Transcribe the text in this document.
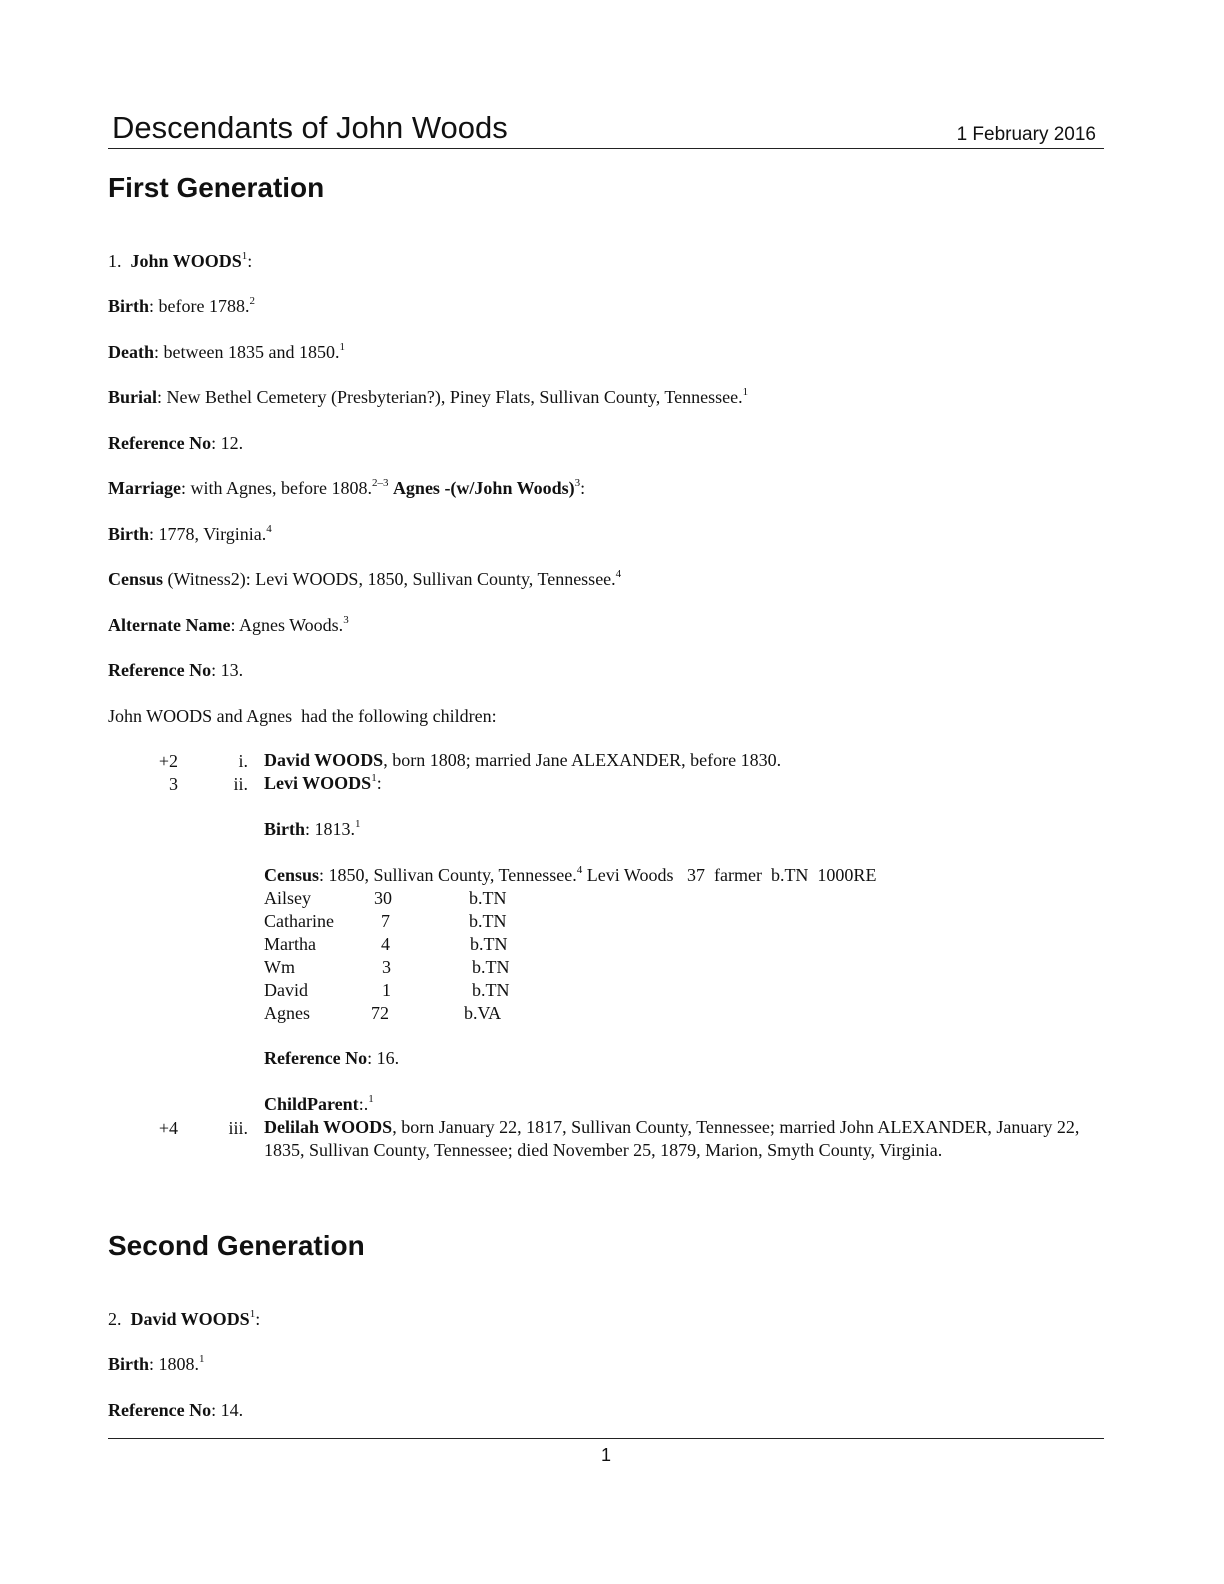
Descendants of John Woods	1 February 2016
First Generation
1. John WOODS$^1$:
Birth: before 1788.$^2$
Death: between 1835 and 1850.$^1$
Burial: New Bethel Cemetery (Presbyterian?), Piney Flats, Sullivan County, Tennessee.$^1$
Reference No: 12.
Marriage: with Agnes, before 1808.$^{2-3}$ Agnes -(w/John Woods)$^3$:
Birth: 1778, Virginia.$^4$
Census (Witness2): Levi WOODS, 1850, Sullivan County, Tennessee.$^4$
Alternate Name: Agnes Woods.$^3$
Reference No: 13.
John WOODS and Agnes  had the following children:
+2	i. David WOODS, born 1808; married Jane ALEXANDER, before 1830.
3	ii. Levi WOODS$^1$:
Birth: 1813.$^1$
Census: 1850, Sullivan County, Tennessee.$^4$ Levi Woods   37  farmer  b.TN  1000RE
Ailsey	30	b.TN
Catharine	7	b.TN
Martha	4	b.TN
Wm	3	b.TN
David	1	b.TN
Agnes	72	b.VA
Reference No: 16.
ChildParent:.$^1$
+4	iii. Delilah WOODS, born January 22, 1817, Sullivan County, Tennessee; married John ALEXANDER, January 22, 1835, Sullivan County, Tennessee; died November 25, 1879, Marion, Smyth County, Virginia.
Second Generation
2. David WOODS$^1$:
Birth: 1808.$^1$
Reference No: 14.
1
